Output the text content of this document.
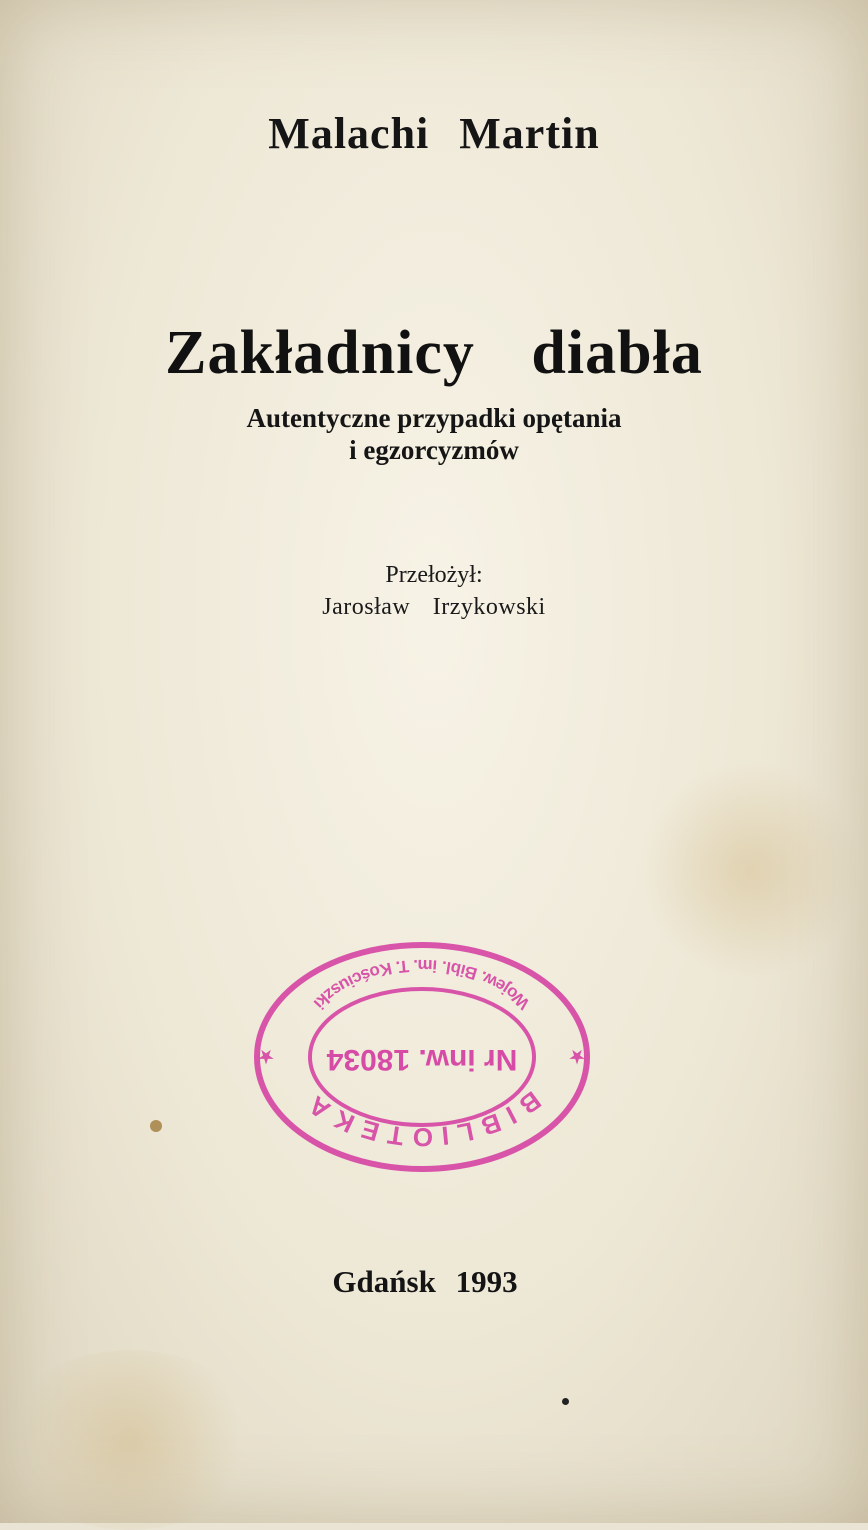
Malachi Martin
Zakładnicy diabła
Autentyczne przypadki opętania
i egzorcyzmów
Przełożył:
Jarosław Irzykowski
BIBLIOTEKA
Wojew. Bibl. im. T. Kościuszki
Nr inw. 18034	★
★
Gdańsk 1993
